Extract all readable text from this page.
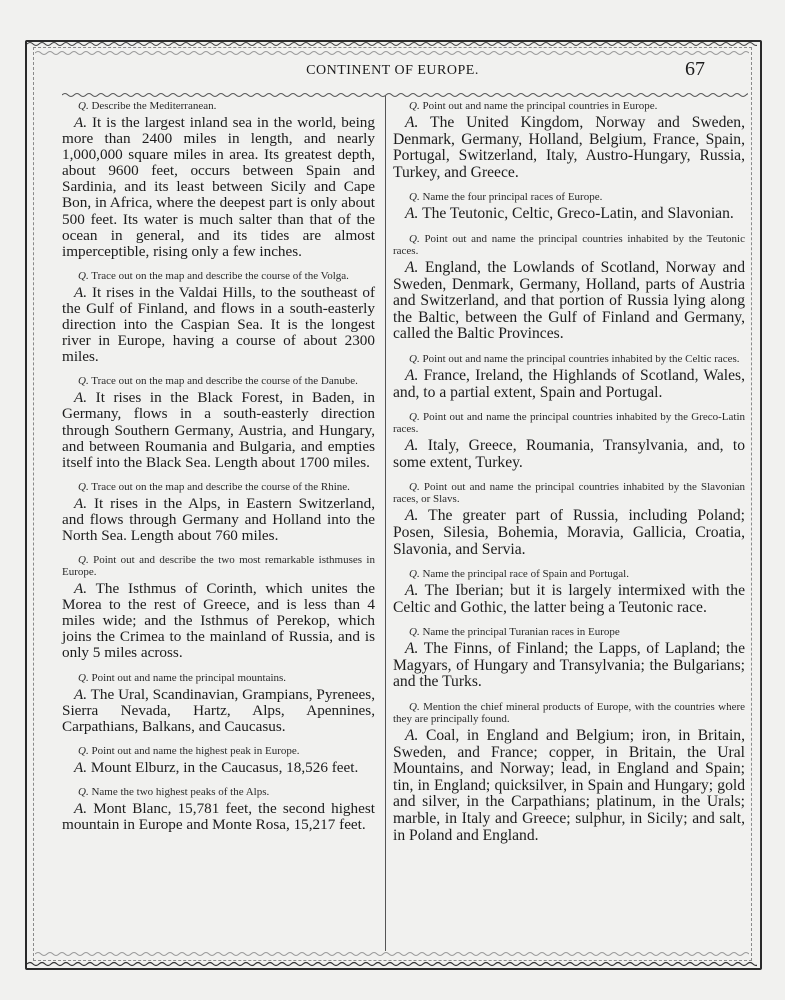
CONTINENT OF EUROPE.	67

Q. Describe the Mediterranean.

A. It is the largest inland sea in the world, being more than 2400 miles in length, and nearly 1,000,000 square miles in area. Its greatest depth, about 9600 feet, occurs between Spain and Sardinia, and its least between Sicily and Cape Bon, in Africa, where the deepest part is only about 500 feet. Its water is much salter than that of the ocean in general, and its tides are almost imperceptible, rising only a few inches.

Q. Trace out on the map and describe the course of the Volga.

A. It rises in the Valdai Hills, to the southeast of the Gulf of Finland, and flows in a south-easterly direction into the Caspian Sea. It is the longest river in Europe, having a course of about 2300 miles.

Q. Trace out on the map and describe the course of the Danube.

A. It rises in the Black Forest, in Baden, in Germany, flows in a south-easterly direction through Southern Germany, Austria, and Hungary, and between Roumania and Bulgaria, and empties itself into the Black Sea. Length about 1700 miles.

Q. Trace out on the map and describe the course of the Rhine.

A. It rises in the Alps, in Eastern Switzerland, and flows through Germany and Holland into the North Sea. Length about 760 miles.

Q. Point out and describe the two most remarkable isthmuses in Europe.

A. The Isthmus of Corinth, which unites the Morea to the rest of Greece, and is less than 4 miles wide; and the Isthmus of Perekop, which joins the Crimea to the mainland of Russia, and is only 5 miles across.

Q. Point out and name the principal mountains.

A. The Ural, Scandinavian, Grampians, Pyrenees, Sierra Nevada, Hartz, Alps, Apennines, Carpathians, Balkans, and Caucasus.

Q. Point out and name the highest peak in Europe.

A. Mount Elburz, in the Caucasus, 18,526 feet.

Q. Name the two highest peaks of the Alps.

A. Mont Blanc, 15,781 feet, the second highest mountain in Europe and Monte Rosa, 15,217 feet.

Q. Point out and name the principal countries in Europe.

A. The United Kingdom, Norway and Sweden, Denmark, Germany, Holland, Belgium, France, Spain, Portugal, Switzerland, Italy, Austro-Hungary, Russia, Turkey, and Greece.

Q. Name the four principal races of Europe.

A. The Teutonic, Celtic, Greco-Latin, and Slavonian.

Q. Point out and name the principal countries inhabited by the Teutonic races.

A. England, the Lowlands of Scotland, Norway and Sweden, Denmark, Germany, Holland, parts of Austria and Switzerland, and that portion of Russia lying along the Baltic, between the Gulf of Finland and Germany, called the Baltic Provinces.

Q. Point out and name the principal countries inhabited by the Celtic races.

A. France, Ireland, the Highlands of Scotland, Wales, and, to a partial extent, Spain and Portugal.

Q. Point out and name the principal countries inhabited by the Greco-Latin races.

A. Italy, Greece, Roumania, Transylvania, and, to some extent, Turkey.

Q. Point out and name the principal countries inhabited by the Slavonian races, or Slavs.

A. The greater part of Russia, including Poland; Posen, Silesia, Bohemia, Moravia, Gallicia, Croatia, Slavonia, and Servia.

Q. Name the principal race of Spain and Portugal.

A. The Iberian; but it is largely intermixed with the Celtic and Gothic, the latter being a Teutonic race.

Q. Name the principal Turanian races in Europe

A. The Finns, of Finland; the Lapps, of Lapland; the Magyars, of Hungary and Transylvania; the Bulgarians; and the Turks.

Q. Mention the chief mineral products of Europe, with the countries where they are principally found.

A. Coal, in England and Belgium; iron, in Britain, Sweden, and France; copper, in Britain, the Ural Mountains, and Norway; lead, in England and Spain; tin, in England; quicksilver, in Spain and Hungary; gold and silver, in the Carpathians; platinum, in the Urals; marble, in Italy and Greece; sulphur, in Sicily; and salt, in Poland and England.
